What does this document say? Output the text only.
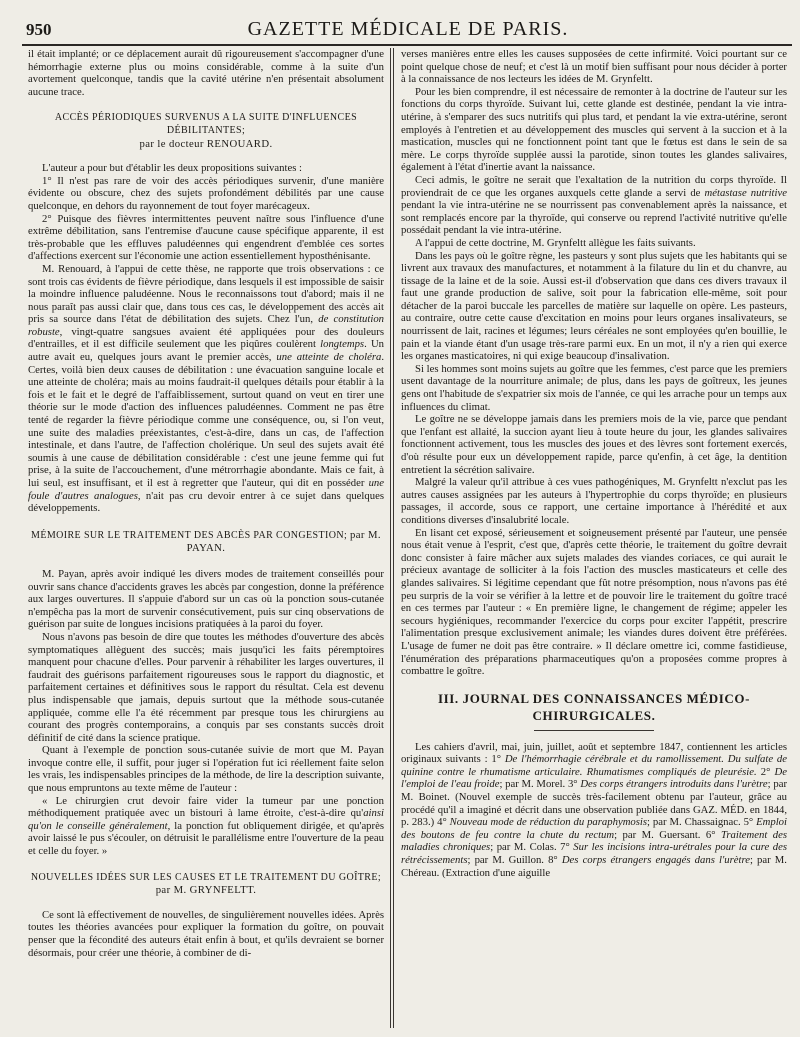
950	GAZETTE MÉDICALE DE PARIS.

il était implanté; or ce déplacement aurait dû rigoureusement s'accompagner d'une hémorrhagie externe plus ou moins considérable, comme à la suite d'un avortement quelconque, tandis que la cavité utérine n'en présentait absolument aucune trace.

ACCÈS PÉRIODIQUES SURVENUS A LA SUITE D'INFLUENCES DÉBILITANTES;
par le docteur RENOUARD.

L'auteur a pour but d'établir les deux propositions suivantes :

1° Il n'est pas rare de voir des accès périodiques survenir, d'une manière évidente ou obscure, chez des sujets profondément débilités par une cause quelconque, en dehors du rayonnement de tout foyer marécageux.

2° Puisque des fièvres intermittentes peuvent naître sous l'influence d'une extrême débilitation, sans l'entremise d'aucune cause spécifique apparente, il est très-probable que les effluves paludéennes qui engendrent d'emblée ces sortes d'affections exercent sur l'économie une action essentiellement hyposthénisante.

M. Renouard, à l'appui de cette thèse, ne rapporte que trois observations : ce sont trois cas évidents de fièvre périodique, dans lesquels il est impossible de saisir la moindre influence paludéenne. Nous le reconnaissons tout d'abord; mais il ne nous paraît pas aussi clair que, dans tous ces cas, le développement des accès ait pris sa source dans l'état de débilitation des sujets. Chez l'un, de constitution robuste, vingt-quatre sangsues avaient été appliquées pour des douleurs d'entrailles, et il est difficile seulement que les piqûres coulèrent longtemps. Un autre avait eu, quelques jours avant le premier accès, une atteinte de choléra. Certes, voilà bien deux causes de débilitation : une évacuation sanguine locale et une atteinte de choléra; mais au moins faudrait-il quelques détails pour établir à la fois et le fait et le degré de l'affaiblissement, surtout quand on veut en tirer une théorie sur le mode d'action des influences paludéennes. Comment ne pas être tenté de regarder la fièvre périodique comme une conséquence, ou, si l'on veut, une suite des maladies préexistantes, c'est-à-dire, dans un cas, de l'affection intestinale, et dans l'autre, de l'affection cholérique. Un seul des sujets avait été soumis à une cause de débilitation considérable : c'est une jeune femme qui fut prise, à la suite de l'accouchement, d'une métrorrhagie abondante. Mais ce fait, à lui seul, est insuffisant, et il est à regretter que l'auteur, qui dit en posséder une foule d'autres analogues, n'ait pas cru devoir entrer à ce sujet dans quelques développements.

MÉMOIRE SUR LE TRAITEMENT DES ABCÈS PAR CONGESTION; par M. PAYAN.

M. Payan, après avoir indiqué les divers modes de traitement conseillés pour ouvrir sans chance d'accidents graves les abcès par congestion, donne la préférence aux larges ouvertures. Il s'appuie d'abord sur un cas où la ponction sous-cutanée n'empêcha pas la mort de survenir consécutivement, puis sur cinq observations de guérison par suite de longues incisions pratiquées à la paroi du foyer.

Nous n'avons pas besoin de dire que toutes les méthodes d'ouverture des abcès symptomatiques allèguent des succès; mais jusqu'ici les faits péremptoires manquent pour chacune d'elles. Pour parvenir à réhabiliter les larges ouvertures, il faudrait des guérisons parfaitement rigoureuses sous le rapport du diagnostic, et parfaitement certaines et définitives sous le rapport du résultat. Cela est devenu plus indispensable que jamais, depuis surtout que la méthode sous-cutanée appliquée, comme elle l'a été récemment par presque tous les chirurgiens au courant des progrès contemporains, a conquis par ses constants succès droit définitif de cité dans la science pratique.

Quant à l'exemple de ponction sous-cutanée suivie de mort que M. Payan invoque contre elle, il suffit, pour juger si l'opération fut ici réellement faite selon les vrais, les indispensables principes de la méthode, de lire la description suivante, que nous empruntons au texte même de l'auteur :

« Le chirurgien crut devoir faire vider la tumeur par une ponction méthodiquement pratiquée avec un bistouri à lame étroite, c'est-à-dire qu'ainsi qu'on le conseille généralement, la ponction fut obliquement dirigée, et qu'après avoir laissé le pus s'écouler, on détruisit le parallélisme entre l'ouverture de la peau et celle du foyer. »

NOUVELLES IDÉES SUR LES CAUSES ET LE TRAITEMENT DU GOÎTRE;
par M. GRYNFELTT.

Ce sont là effectivement de nouvelles, de singulièrement nouvelles idées. Après toutes les théories avancées pour expliquer la formation du goître, on pouvait penser que la fécondité des auteurs était enfin à bout, et qu'ils devraient se borner désormais, pour créer une théorie, à combiner de di-

verses manières entre elles les causes supposées de cette infirmité. Voici pourtant sur ce point quelque chose de neuf; et c'est là un motif bien suffisant pour nous décider à porter à la connaissance de nos lecteurs les idées de M. Grynfeltt.

Pour les bien comprendre, il est nécessaire de remonter à la doctrine de l'auteur sur les fonctions du corps thyroïde. Suivant lui, cette glande est destinée, pendant la vie intra-utérine, à s'emparer des sucs nutritifs qui plus tard, et pendant la vie extra-utérine, seront employés à l'entretien et au développement des muscles qui servent à la succion et à la mastication, muscles qui ne fonctionnent point tant que le fœtus est dans le sein de sa mère. Le corps thyroïde supplée aussi la parotide, sinon toutes les glandes salivaires, également à l'état d'inertie avant la naissance.

Ceci admis, le goître ne serait que l'exaltation de la nutrition du corps thyroïde. Il proviendrait de ce que les organes auxquels cette glande a servi de métastase nutritive pendant la vie intra-utérine ne se nourrissent pas convenablement après la naissance, et sont remplacés encore par la thyroïde, qui conserve ou reprend l'activité nutritive qu'elle possédait pendant la vie intra-utérine.

A l'appui de cette doctrine, M. Grynfeltt allègue les faits suivants.

Dans les pays où le goître règne, les pasteurs y sont plus sujets que les habitants qui se livrent aux travaux des manufactures, et notamment à la filature du lin et du chanvre, au tissage de la laine et de la soie. Aussi est-il d'observation que dans ces divers travaux il faut une grande production de salive, soit pour la fabrication elle-même, soit pour détacher de la paroi buccale les parcelles de matière sur laquelle on opère. Les pasteurs, au contraire, outre cette cause d'excitation en moins pour leurs organes insalivateurs, se nourrissent de lait, racines et légumes; leurs céréales ne sont employées qu'en bouillie, le pain et la viande étant d'un usage très-rare parmi eux. En un mot, il n'y a rien qui exerce les organes masticatoires, ni qui exige beaucoup d'insalivation.

Si les hommes sont moins sujets au goître que les femmes, c'est parce que les premiers usent davantage de la nourriture animale; de plus, dans les pays de goîtreux, les jeunes gens ont l'habitude de s'expatrier six mois de l'année, ce qui les arrache pour un temps aux influences du climat.

Le goître ne se développe jamais dans les premiers mois de la vie, parce que pendant que l'enfant est allaité, la succion ayant lieu à toute heure du jour, les glandes salivaires fonctionnent activement, tous les muscles des joues et des lèvres sont fortement exercés, d'où résulte pour eux un développement rapide, parce qu'enfin, à cet âge, la dentition entretient la sécrétion salivaire.

Malgré la valeur qu'il attribue à ces vues pathogéniques, M. Grynfeltt n'exclut pas les autres causes assignées par les auteurs à l'hypertrophie du corps thyroïde; en plusieurs passages, il accorde, sous ce rapport, une certaine importance à l'hérédité et aux conditions diverses d'insalubrité locale.

En lisant cet exposé, sérieusement et soigneusement présenté par l'auteur, une pensée nous était venue à l'esprit, c'est que, d'après cette théorie, le traitement du goître devrait donc consister à faire mâcher aux sujets malades des viandes coriaces, ce qui aurait le précieux avantage de solliciter à la fois l'action des muscles masticateurs et celle des glandes salivaires. Si légitime cependant que fût notre présomption, nous n'avons pas été peu surpris de la voir se vérifier à la lettre et de pouvoir lire le traitement du goître tracé en ces termes par l'auteur : « En première ligne, le changement de régime; appeler les secours hygiéniques, recommander l'exercice du corps pour exciter l'appétit, prescrire l'alimentation presque exclusivement animale; les viandes dures doivent être préférées. L'usage de fumer ne doit pas être contraire. » Il déclare omettre ici, comme fastidieuse, l'énumération des préparations pharmaceutiques qu'on a proposées comme propres à combattre le goître.

III. JOURNAL DES CONNAISSANCES MÉDICO-
CHIRURGICALES.

Les cahiers d'avril, mai, juin, juillet, août et septembre 1847, contiennent les articles originaux suivants : 1° De l'hémorrhagie cérébrale et du ramollissement. Du sulfate de quinine contre le rhumatisme articulaire. Rhumatismes compliqués de pleurésie. 2° De l'emploi de l'eau froide; par M. Morel. 3° Des corps étrangers introduits dans l'urètre; par M. Boinet. (Nouvel exemple de succès très-facilement obtenu par l'auteur, grâce au procédé qu'il a imaginé et décrit dans une observation publiée dans GAZ. MÉD. en 1844, p. 283.) 4° Nouveau mode de réduction du paraphymosis; par M. Chassaignac. 5° Emploi des boutons de feu contre la chute du rectum; par M. Guersant. 6° Traitement des maladies chroniques; par M. Colas. 7° Sur les incisions intra-urétrales pour la cure des rétrécissements; par M. Guillon. 8° Des corps étrangers engagés dans l'urètre; par M. Chéreau. (Extraction d'une aiguille
